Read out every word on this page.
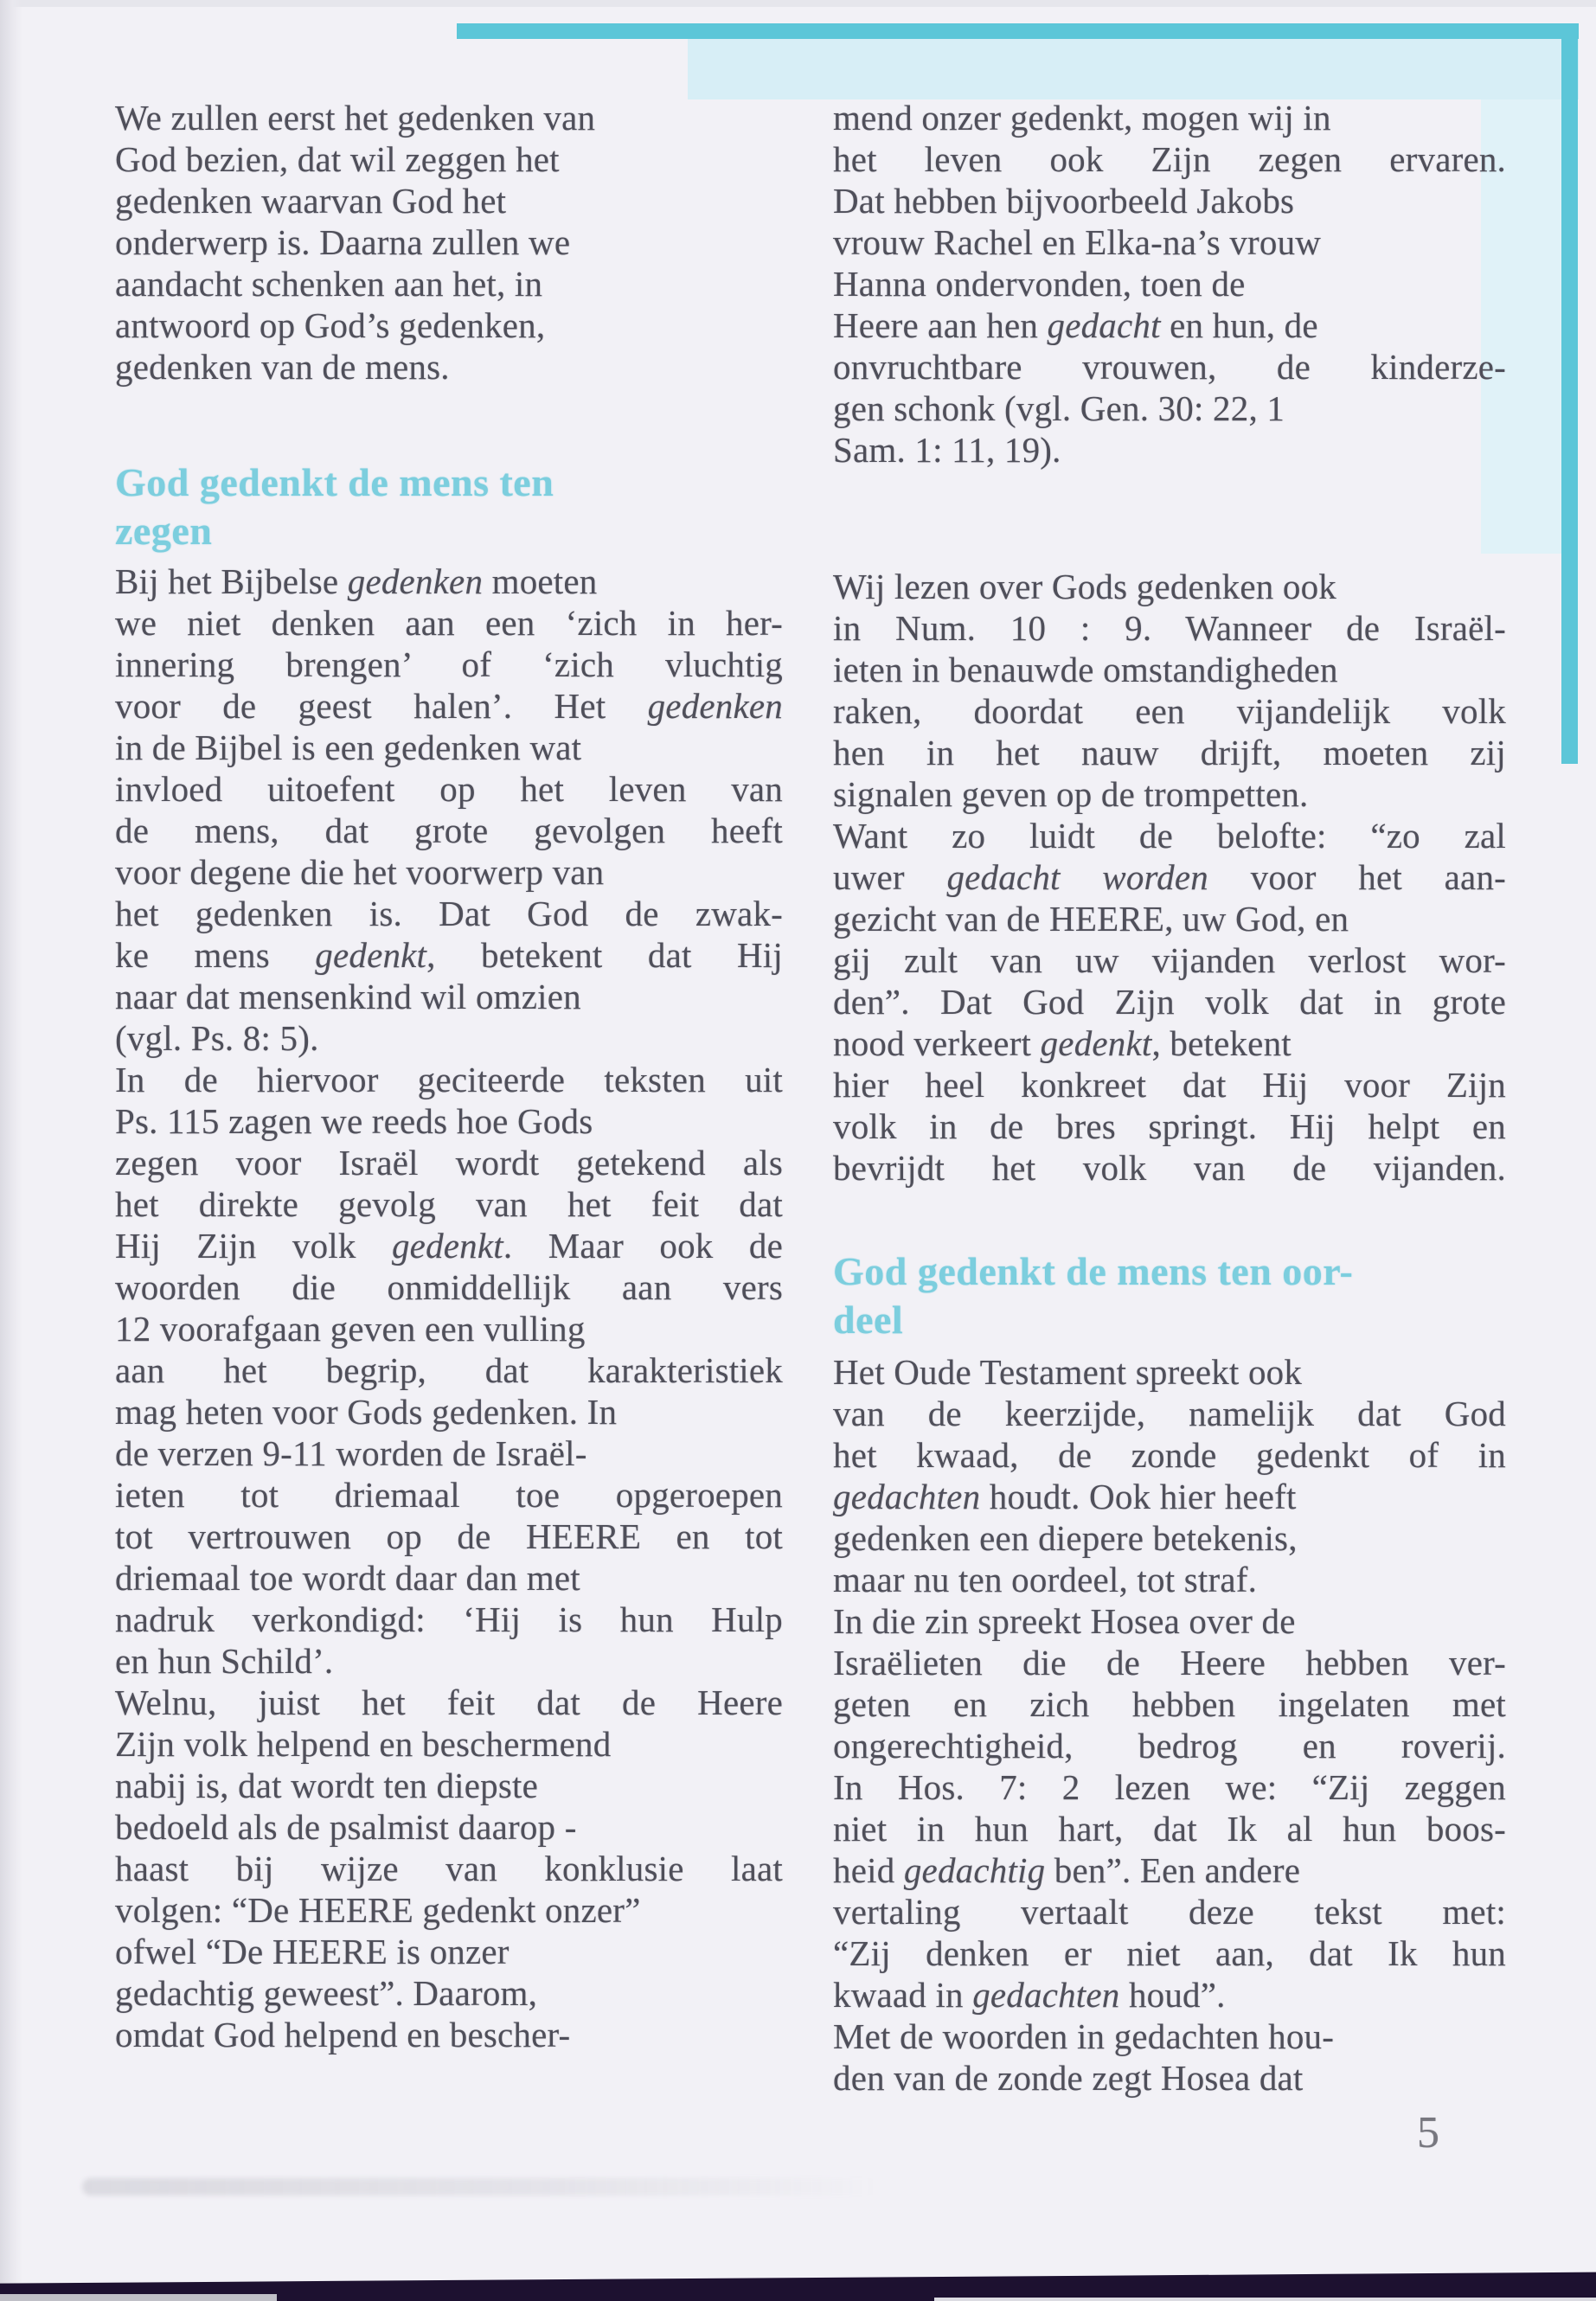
We zullen eerst het gedenken van
God bezien, dat wil zeggen het
gedenken waarvan God het
onderwerp is. Daarna zullen we
aandacht schenken aan het, in
antwoord op God’s gedenken,
gedenken van de mens.
God gedenkt de mens ten
zegen
Bij het Bijbelse gedenken moeten
we niet denken aan een ‘zich in her-
innering brengen’ of ‘zich vluchtig
voor de geest halen’. Het gedenken
in de Bijbel is een gedenken wat
invloed uitoefent op het leven van
de mens, dat grote gevolgen heeft
voor degene die het voorwerp van
het gedenken is. Dat God de zwak-
ke mens gedenkt, betekent dat Hij
naar dat mensenkind wil omzien
(vgl. Ps. 8: 5).
In de hiervoor geciteerde teksten uit
Ps. 115 zagen we reeds hoe Gods
zegen voor Israël wordt getekend als
het direkte gevolg van het feit dat
Hij Zijn volk gedenkt. Maar ook de
woorden die onmiddellijk aan vers
12 voorafgaan geven een vulling
aan het begrip, dat karakteristiek
mag heten voor Gods gedenken. In
de verzen 9-11 worden de Israël-
ieten tot driemaal toe opgeroepen
tot vertrouwen op de HEERE en tot
driemaal toe wordt daar dan met
nadruk verkondigd: ‘Hij is hun Hulp
en hun Schild’.
Welnu, juist het feit dat de Heere
Zijn volk helpend en beschermend
nabij is, dat wordt ten diepste
bedoeld als de psalmist daarop -
haast bij wijze van konklusie laat
volgen: “De HEERE gedenkt onzer”
ofwel “De HEERE is onzer
gedachtig geweest”. Daarom,
omdat God helpend en bescher-
mend onzer gedenkt, mogen wij in
het leven ook Zijn zegen ervaren.
Dat hebben bijvoorbeeld Jakobs
vrouw Rachel en Elka-na’s vrouw
Hanna ondervonden, toen de
Heere aan hen gedacht en hun, de
onvruchtbare vrouwen, de kinderze-
gen schonk (vgl. Gen. 30: 22, 1
Sam. 1: 11, 19).
Wij lezen over Gods gedenken ook
in Num. 10 : 9. Wanneer de Israël-
ieten in benauwde omstandigheden
raken, doordat een vijandelijk volk
hen in het nauw drijft, moeten zij
signalen geven op de trompetten.
Want zo luidt de belofte: “zo zal
uwer gedacht worden voor het aan-
gezicht van de HEERE, uw God, en
gij zult van uw vijanden verlost wor-
den”. Dat God Zijn volk dat in grote
nood verkeert gedenkt, betekent
hier heel konkreet dat Hij voor Zijn
volk in de bres springt. Hij helpt en
bevrijdt het volk van de vijanden.
God gedenkt de mens ten oor-
deel
Het Oude Testament spreekt ook
van de keerzijde, namelijk dat God
het kwaad, de zonde gedenkt of in
gedachten houdt. Ook hier heeft
gedenken een diepere betekenis,
maar nu ten oordeel, tot straf.
In die zin spreekt Hosea over de
Israëlieten die de Heere hebben ver-
geten en zich hebben ingelaten met
ongerechtigheid, bedrog en roverij.
In Hos. 7: 2 lezen we: “Zij zeggen
niet in hun hart, dat Ik al hun boos-
heid gedachtig ben”. Een andere
vertaling vertaalt deze tekst met:
“Zij denken er niet aan, dat Ik hun
kwaad in gedachten houd”.
Met de woorden in gedachten hou-
den van de zonde zegt Hosea dat
5
